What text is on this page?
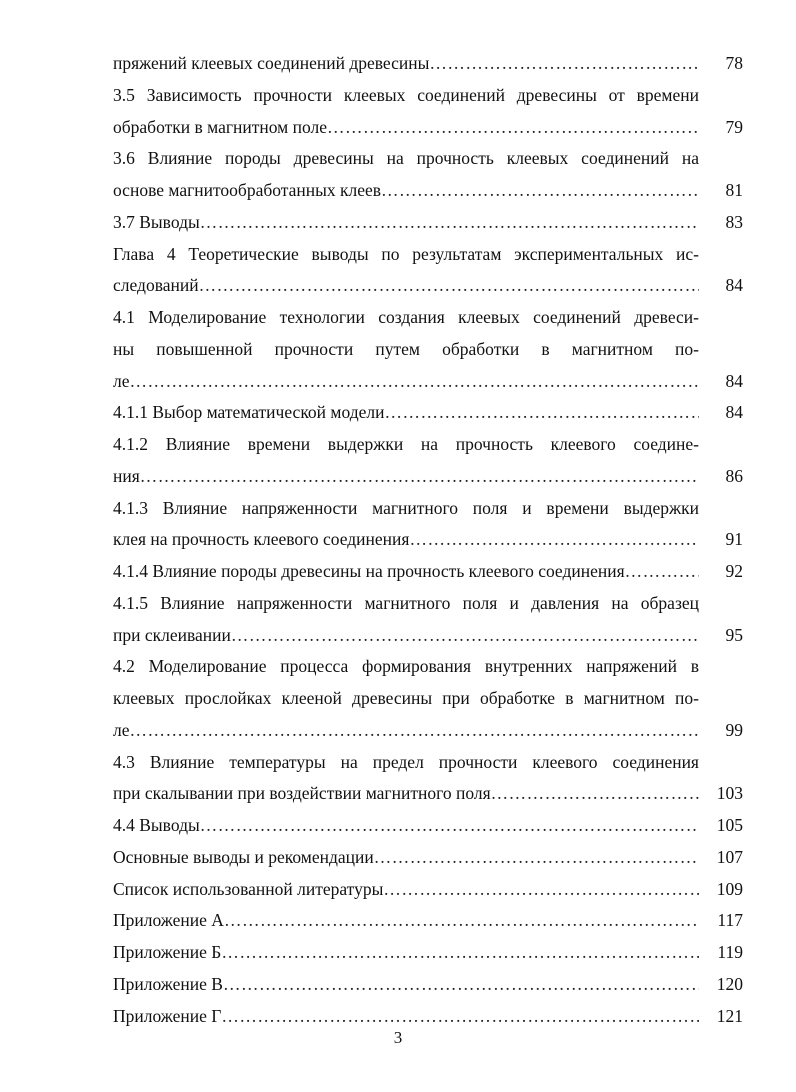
пряжений клеевых соединений древесины …………………………………………………………………………………………………………………………………………………………	78
3.5 Зависимость прочности клеевых соединений древесины от времени
обработки в магнитном поле …………………………………………………………………………………………………………………………………………………………	79
3.6 Влияние породы древесины на прочность клеевых соединений на
основе магнитообработанных клеев …………………………………………………………………………………………………………………………………………………………	81
3.7 Выводы …………………………………………………………………………………………………………………………………………………………	83
Глава 4 Теоретические выводы по результатам экспериментальных ис-
следований …………………………………………………………………………………………………………………………………………………………	84
4.1 Моделирование технологии создания клеевых соединений древеси-
ны повышенной прочности путем обработки в магнитном по-
ле …………………………………………………………………………………………………………………………………………………………	84
4.1.1 Выбор математической модели …………………………………………………………………………………………………………………………………………………………	84
4.1.2 Влияние времени выдержки на прочность клеевого соедине-
ния …………………………………………………………………………………………………………………………………………………………	86
4.1.3 Влияние напряженности магнитного поля и времени выдержки
клея на прочность клеевого соединения …………………………………………………………………………………………………………………………………………………………	91
4.1.4 Влияние породы древесины на прочность клеевого соединения …………………………………………………………………………………………………………………………………………………………	92
4.1.5 Влияние напряженности магнитного поля и давления на образец
при склеивании …………………………………………………………………………………………………………………………………………………………	95
4.2 Моделирование процесса формирования внутренних напряжений в
клеевых прослойках клееной древесины при обработке в магнитном по-
ле …………………………………………………………………………………………………………………………………………………………	99
4.3 Влияние температуры на предел прочности клеевого соединения
при скалывании при воздействии магнитного поля …………………………………………………………………………………………………………………………………………………………	103
4.4 Выводы …………………………………………………………………………………………………………………………………………………………	105
Основные выводы и рекомендации …………………………………………………………………………………………………………………………………………………………	107
Список использованной литературы …………………………………………………………………………………………………………………………………………………………	109
Приложение А …………………………………………………………………………………………………………………………………………………………	117
Приложение Б …………………………………………………………………………………………………………………………………………………………	119
Приложение В …………………………………………………………………………………………………………………………………………………………	120
Приложение Г …………………………………………………………………………………………………………………………………………………………	121
3
